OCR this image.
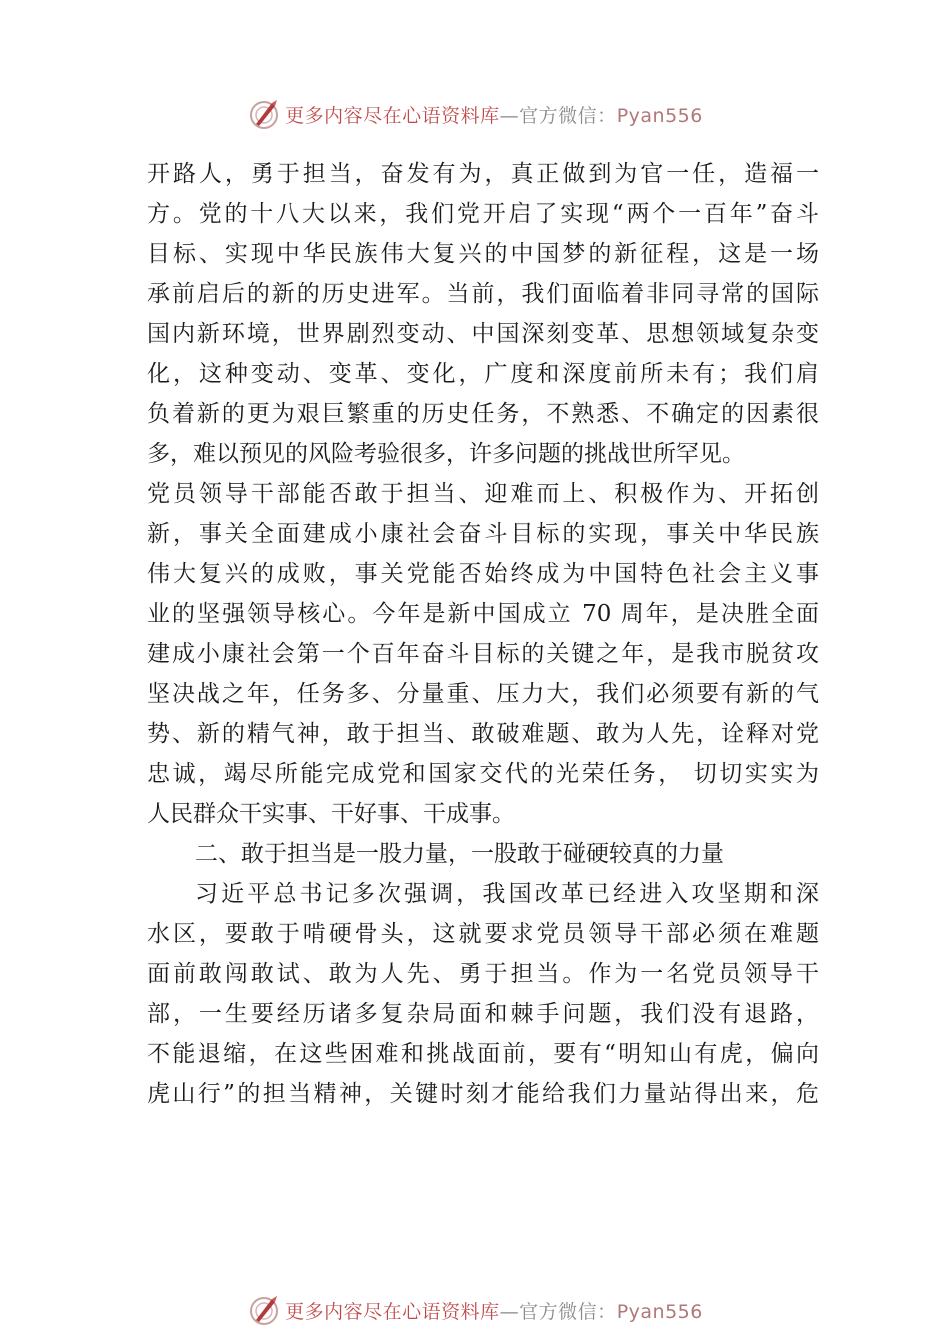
更多内容尽在心语资料库—官方微信：Pyan556
开路人，勇于担当，奋发有为，真正做到为官一任，造福一
方。党的十八大以来，我们党开启了实现“两个一百年”奋斗
目标、实现中华民族伟大复兴的中国梦的新征程，这是一场
承前启后的新的历史进军。当前，我们面临着非同寻常的国际
国内新环境，世界剧烈变动、中国深刻变革、思想领域复杂变
化，这种变动、变革、变化，广度和深度前所未有；我们肩
负着新的更为艰巨繁重的历史任务，不熟悉、不确定的因素很
多，难以预见的风险考验很多，许多问题的挑战世所罕见。
党员领导干部能否敢于担当、迎难而上、积极作为、开拓创
新，事关全面建成小康社会奋斗目标的实现，事关中华民族
伟大复兴的成败，事关党能否始终成为中国特色社会主义事
业的坚强领导核心。今年是新中国成立 70 周年，是决胜全面
建成小康社会第一个百年奋斗目标的关键之年，是我市脱贫攻
坚决战之年，任务多、分量重、压力大，我们必须要有新的气
势、新的精气神，敢于担当、敢破难题、敢为人先，诠释对党
忠诚，竭尽所能完成党和国家交代的光荣任务， 切切实实为
人民群众干实事、干好事、干成事。
二、敢于担当是一股力量，一股敢于碰硬较真的力量
习近平总书记多次强调，我国改革已经进入攻坚期和深
水区，要敢于啃硬骨头，这就要求党员领导干部必须在难题
面前敢闯敢试、敢为人先、勇于担当。作为一名党员领导干
部，一生要经历诸多复杂局面和棘手问题，我们没有退路，
不能退缩，在这些困难和挑战面前，要有“明知山有虎，偏向
虎山行”的担当精神，关键时刻才能给我们力量站得出来，危
更多内容尽在心语资料库—官方微信：Pyan556
